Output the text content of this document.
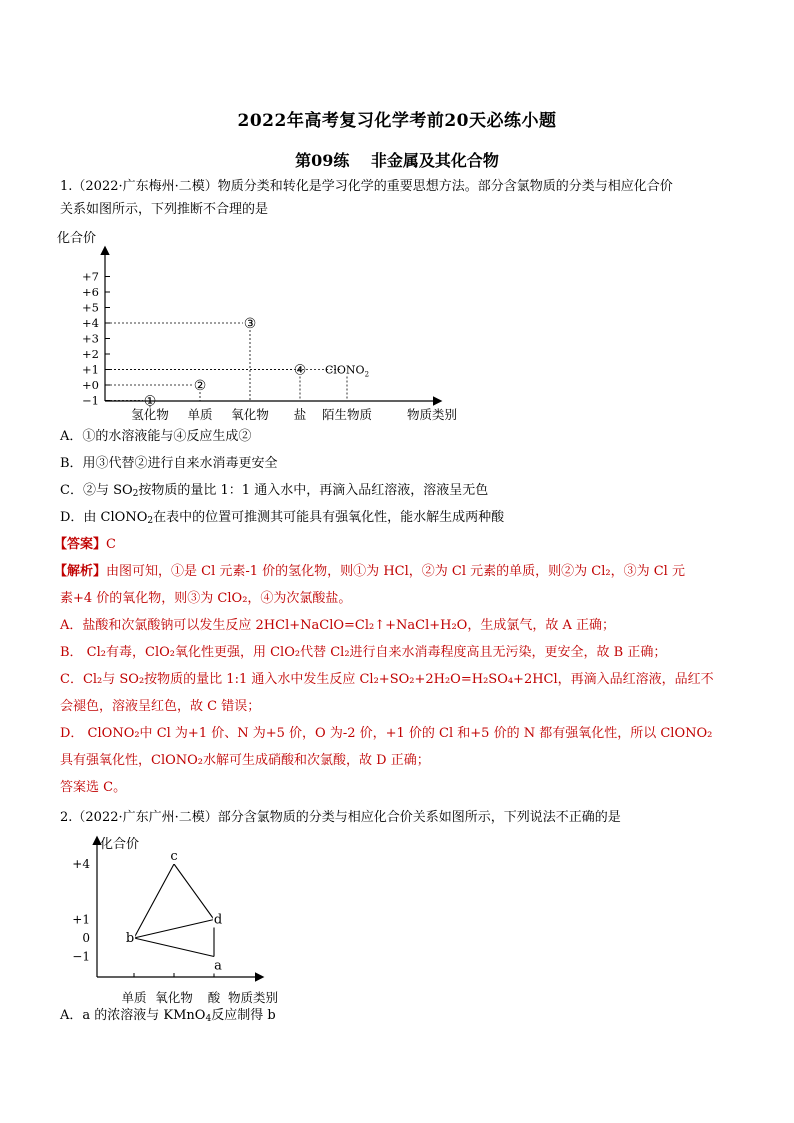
2022年高考复习化学考前20天必练小题
第09练 非金属及其化合物
1.（2022·广东梅州·二模）物质分类和转化是学习化学的重要思想方法。部分含氯物质的分类与相应化合价
关系如图所示，下列推断不合理的是
化合价
+7
+6
+5
+4
+3
+2
+1
+0
−1
氢化物 单质 氧化物 盐 陌生物质
①
②
③
④ ClONO$_2$
物质类别
A．①的水溶液能与④反应生成②
B．用③代替②进行自来水消毒更安全
C．②与 $SO_2$按物质的量比 1：1 通入水中，再滴入品红溶液，溶液呈无色
D．由 ClONO$_2$在表中的位置可推测其可能具有强氧化性，能水解生成两种酸
【答案】C
【解析】由图可知，①是 Cl 元素-1 价的氢化物，则①为 HCl，②为 Cl 元素的单质，则②为 Cl₂，③为 Cl 元
素+4 价的氧化物，则③为 ClO₂，④为次氯酸盐。
A．盐酸和次氯酸钠可以发生反应 2HCl+NaClO=Cl₂↑+NaCl+H₂O，生成氯气，故 A 正确；
B． Cl₂有毒，ClO₂氧化性更强，用 ClO₂代替 Cl₂进行自来水消毒程度高且无污染，更安全，故 B 正确；
C．Cl₂与 SO₂按物质的量比 1:1 通入水中发生反应 Cl₂+SO₂+2H₂O=H₂SO₄+2HCl，再滴入品红溶液，品红不
会褪色，溶液呈红色，故 C 错误；
D． ClONO₂中 Cl 为+1 价、N 为+5 价，O 为-2 价，+1 价的 Cl 和+5 价的 N 都有强氧化性，所以 ClONO₂
具有强氧化性，ClONO₂水解可生成硝酸和次氯酸，故 D 正确；
答案选 C。
2.（2022·广东广州·二模）部分含氯物质的分类与相应化合价关系如图所示，下列说法不正确的是
化合价
+4
+1
0
−1
单质 氧化物 酸
b
c
d
a
物质类别
A．a 的浓溶液与 KMnO$_4$反应制得 b
